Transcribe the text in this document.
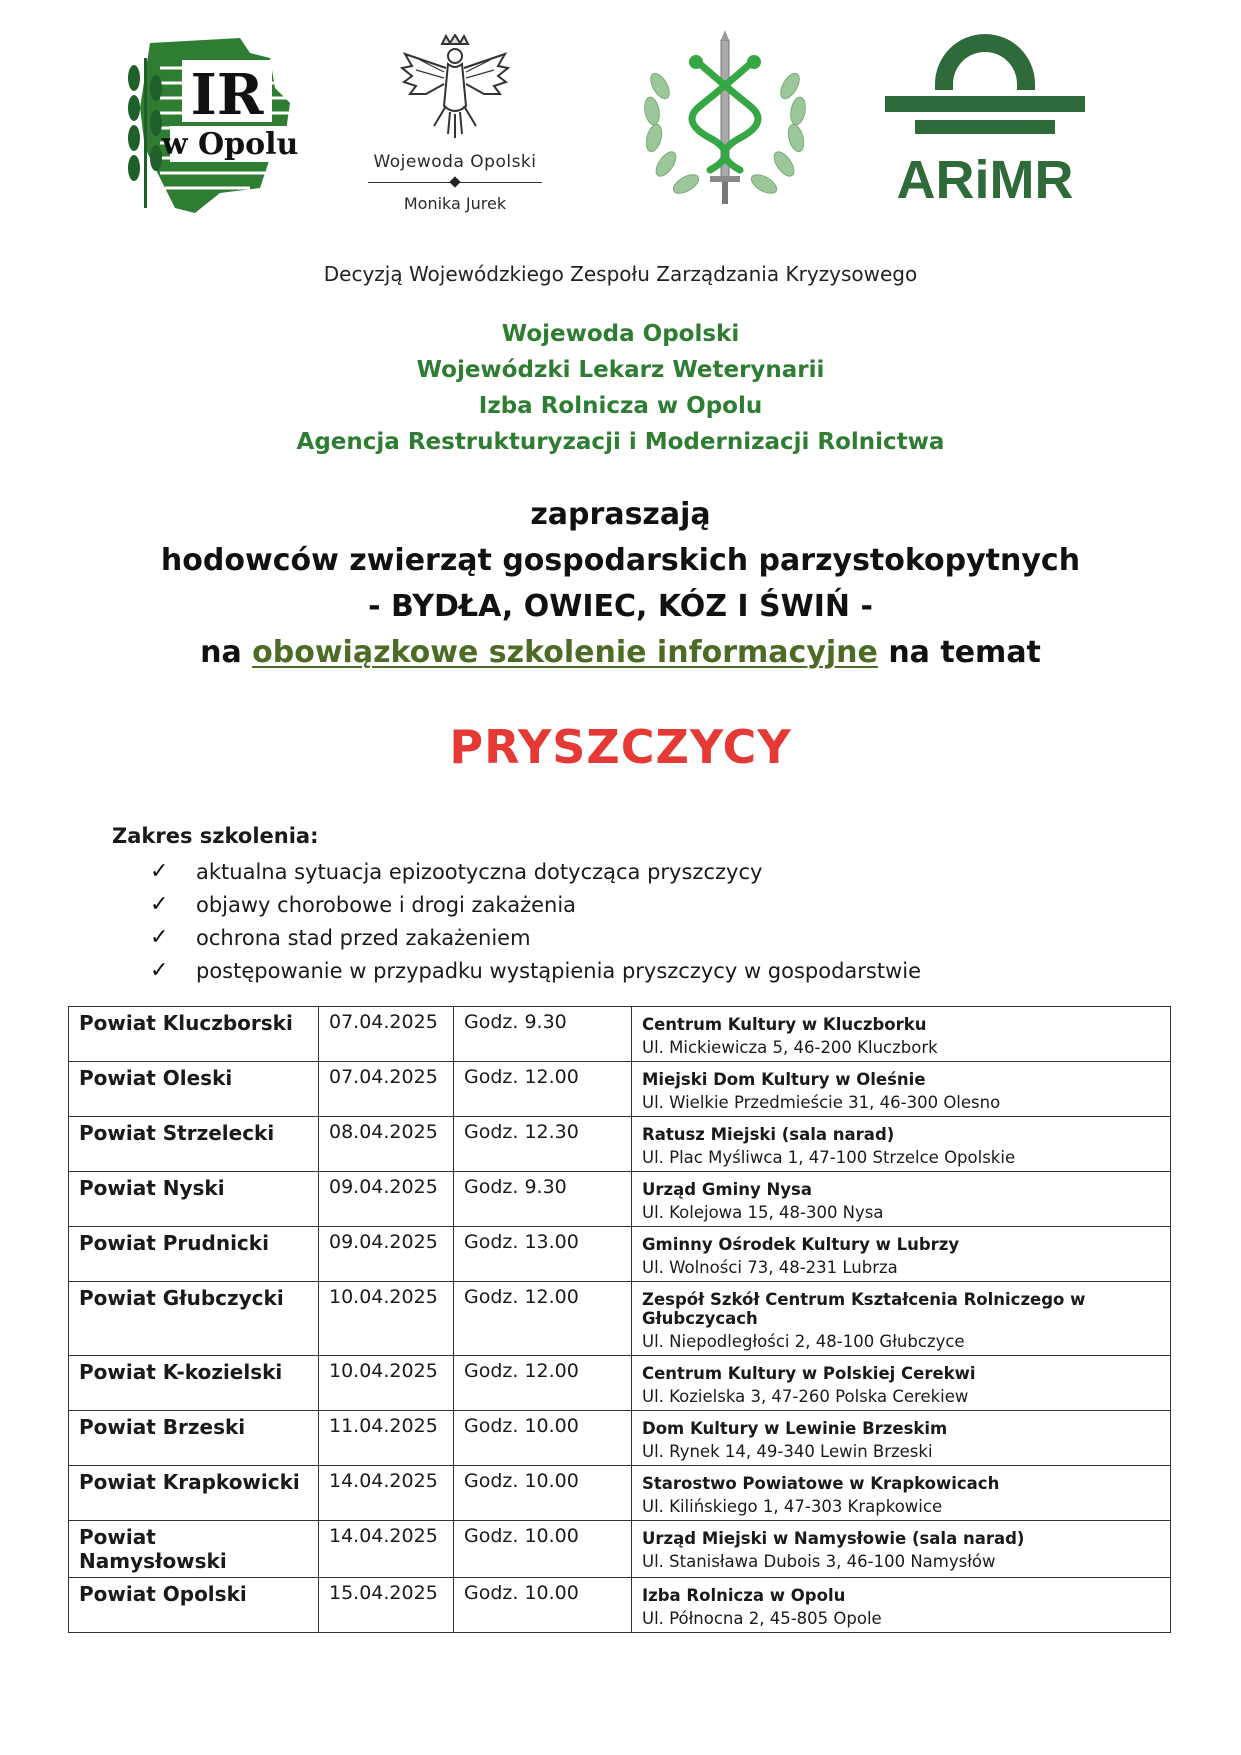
IR
w Opolu	Wojewoda Opolski
Monika Jurek	ARiMR
Decyzją Wojewódzkiego Zespołu Zarządzania Kryzysowego
Wojewoda Opolski
Wojewódzki Lekarz Weterynarii
Izba Rolnicza w Opolu
Agencja Restrukturyzacji i Modernizacji Rolnictwa
zapraszają
hodowców zwierząt gospodarskich parzystokopytnych
- BYDŁA, OWIEC, KÓZ I ŚWIŃ -
na obowiązkowe szkolenie informacyjne na temat
PRYSZCZYCY
Zakres szkolenia:
✓	aktualna sytuacja epizootyczna dotycząca pryszczycy
✓	objawy chorobowe i drogi zakażenia
✓	ochrona stad przed zakażeniem
✓	postępowanie w przypadku wystąpienia pryszczycy w gospodarstwie
Powiat Kluczborski	07.04.2025	Godz. 9.30	Centrum Kultury w Kluczborku
Ul. Mickiewicza 5, 46-200 Kluczbork

Powiat Oleski	07.04.2025	Godz. 12.00	Miejski Dom Kultury w Oleśnie
Ul. Wielkie Przedmieście 31, 46-300 Olesno

Powiat Strzelecki	08.04.2025	Godz. 12.30	Ratusz Miejski (sala narad)
Ul. Plac Myśliwca 1, 47-100 Strzelce Opolskie

Powiat Nyski	09.04.2025	Godz. 9.30	Urząd Gminy Nysa
Ul. Kolejowa 15, 48-300 Nysa

Powiat Prudnicki	09.04.2025	Godz. 13.00	Gminny Ośrodek Kultury w Lubrzy
Ul. Wolności 73, 48-231 Lubrza

Powiat Głubczycki	10.04.2025	Godz. 12.00	Zespół Szkół Centrum Kształcenia Rolniczego w Głubczycach
Ul. Niepodległości 2, 48-100 Głubczyce

Powiat K-kozielski	10.04.2025	Godz. 12.00	Centrum Kultury w Polskiej Cerekwi
Ul. Kozielska 3, 47-260 Polska Cerekiew

Powiat Brzeski	11.04.2025	Godz. 10.00	Dom Kultury w Lewinie Brzeskim
Ul. Rynek 14, 49-340 Lewin Brzeski

Powiat Krapkowicki	14.04.2025	Godz. 10.00	Starostwo Powiatowe w Krapkowicach
Ul. Kilińskiego 1, 47-303 Krapkowice

Powiat Namysłowski	14.04.2025	Godz. 10.00	Urząd Miejski w Namysłowie (sala narad)
Ul. Stanisława Dubois 3, 46-100 Namysłów

Powiat Opolski	15.04.2025	Godz. 10.00	Izba Rolnicza w Opolu
Ul. Północna 2, 45-805 Opole
